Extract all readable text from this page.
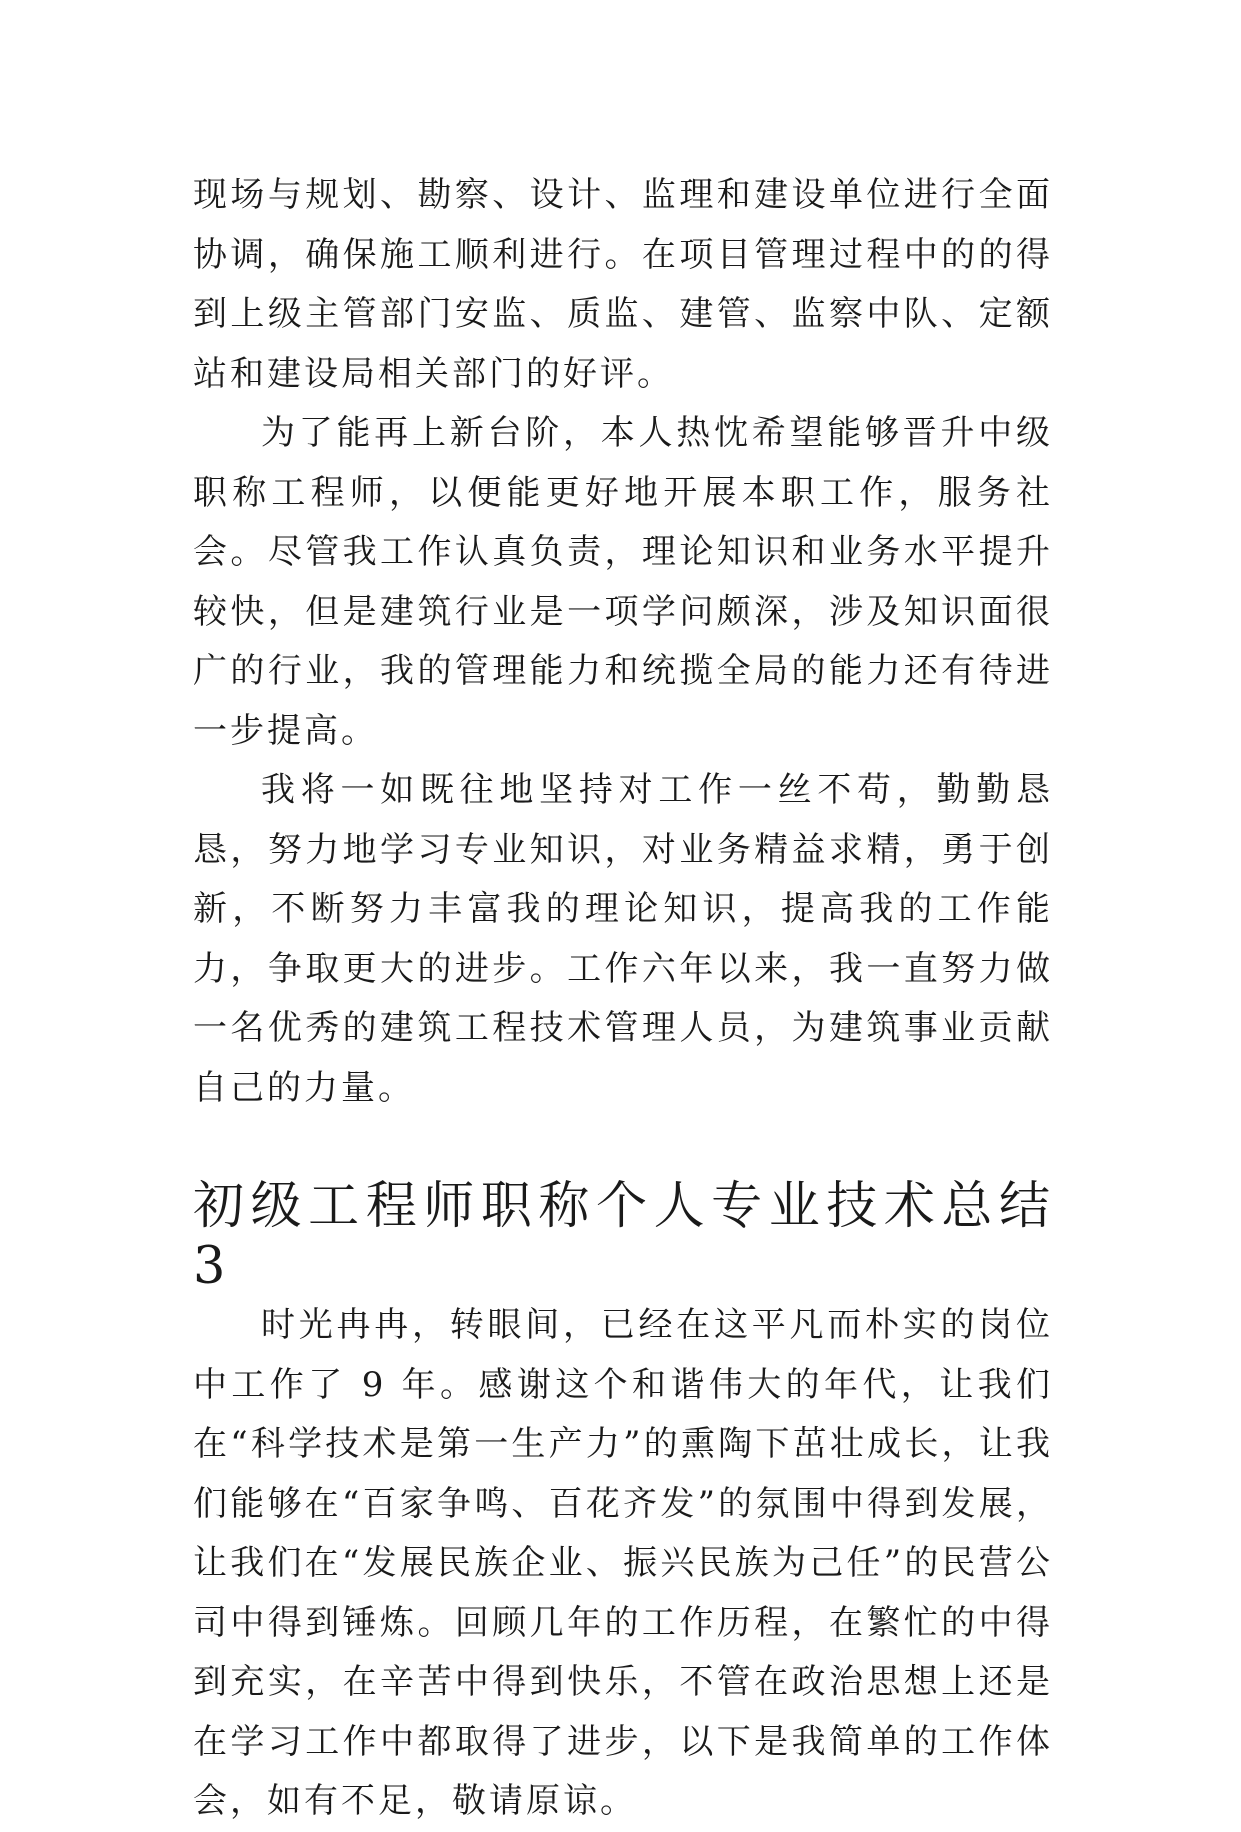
现场与规划、勘察、设计、监理和建设单位进行全面协调，确保施工顺利进行。在项目管理过程中的的得到上级主管部门安监、质监、建管、监察中队、定额站和建设局相关部门的好评。

为了能再上新台阶，本人热忱希望能够晋升中级职称工程师，以便能更好地开展本职工作，服务社会。尽管我工作认真负责，理论知识和业务水平提升较快，但是建筑行业是一项学问颇深，涉及知识面很广的行业，我的管理能力和统揽全局的能力还有待进一步提高。

我将一如既往地坚持对工作一丝不苟，勤勤恳恳，努力地学习专业知识，对业务精益求精，勇于创新，不断努力丰富我的理论知识，提高我的工作能力，争取更大的进步。工作六年以来，我一直努力做一名优秀的建筑工程技术管理人员，为建筑事业贡献自己的力量。

初级工程师职称个人专业技术总结 3

时光冉冉，转眼间，已经在这平凡而朴实的岗位中工作了 9 年。感谢这个和谐伟大的年代，让我们在“科学技术是第一生产力”的熏陶下茁壮成长，让我们能够在“百家争鸣、百花齐发”的氛围中得到发展，让我们在“发展民族企业、振兴民族为己任”的民营公司中得到锤炼。回顾几年的工作历程，在繁忙的中得到充实，在辛苦中得到快乐，不管在政治思想上还是在学习工作中都取得了进步，以下是我简单的工作体会，如有不足，敬请原谅。
